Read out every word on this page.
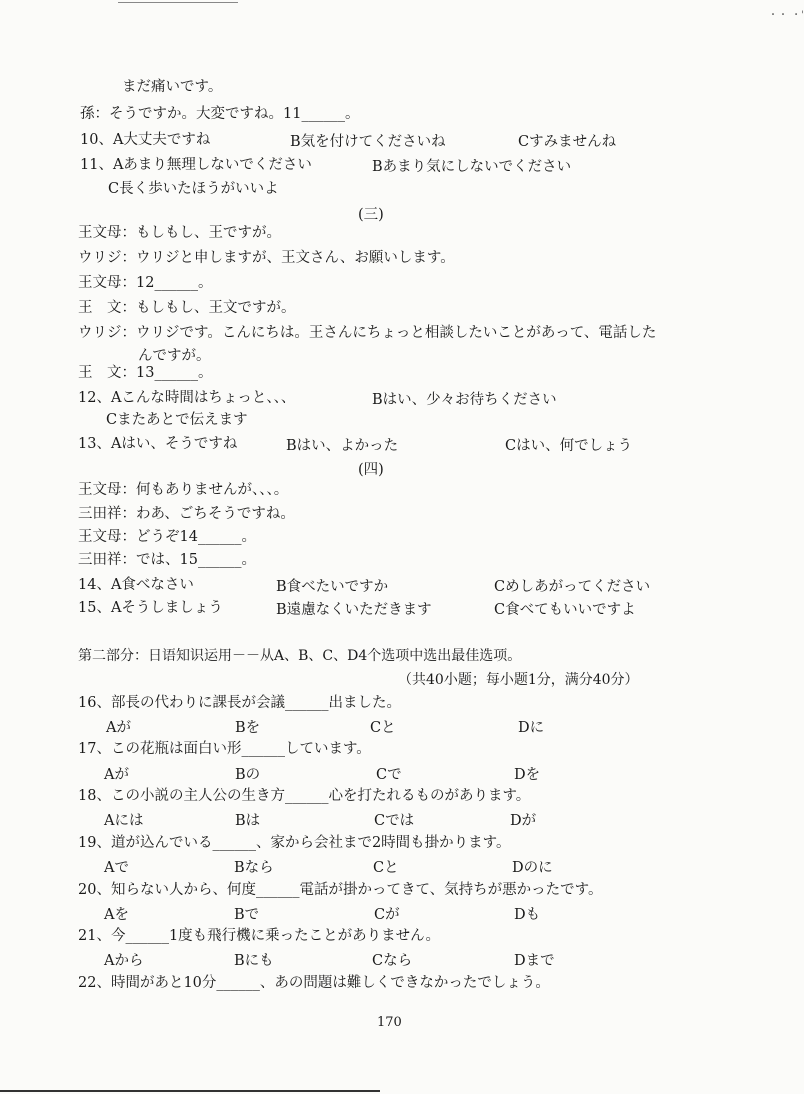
・・ ・'
まだ痛いです。
孫：そうですか。大変ですね。11______。
10、A大丈夫ですね	B気を付けてくださいね	Cすみませんね
11、Aあまり無理しないでください	Bあまり気にしないでください
C長く歩いたほうがいいよ
(三)
王文母：もしもし、王ですが。
ウリジ：ウリジと申しますが、王文さん、お願いします。
王文母：12______。
王　文：もしもし、王文ですが。
ウリジ：ウリジです。こんにちは。王さんにちょっと相談したいことがあって、電話した
んですが。
王　文：13______。
12、Aこんな時間はちょっと、、、	Bはい、少々お待ちください
Cまたあとで伝えます
13、Aはい、そうですね	Bはい、よかった	Cはい、何でしょう
(四)
王文母：何もありませんが、、、。
三田祥：わあ、ごちそうですね。
王文母：どうぞ14______。
三田祥：では、15______。
14、A食べなさい	B食べたいですか	Cめしあがってください
15、Aそうしましょう	B遠慮なくいただきます	C食べてもいいですよ
第二部分：日语知识运用－－从A、B、C、D4个选项中选出最佳选项。
（共40小题；每小题1分，满分40分）
16、部長の代わりに課長が会議______出ました。
Aが	Bを	Cと	Dに
17、この花瓶は面白い形______しています。
Aが	Bの	Cで	Dを
18、この小説の主人公の生き方______心を打たれるものがあります。
Aには	Bは	Cでは	Dが
19、道が込んでいる______、家から会社まで2時間も掛かります。
Aで	Bなら	Cと	Dのに
20、知らない人から、何度______電話が掛かってきて、気持ちが悪かったです。
Aを	Bで	Cが	Dも
21、今______1度も飛行機に乗ったことがありません。
Aから	Bにも	Cなら	Dまで
22、時間があと10分______、あの問題は難しくできなかったでしょう。
170
